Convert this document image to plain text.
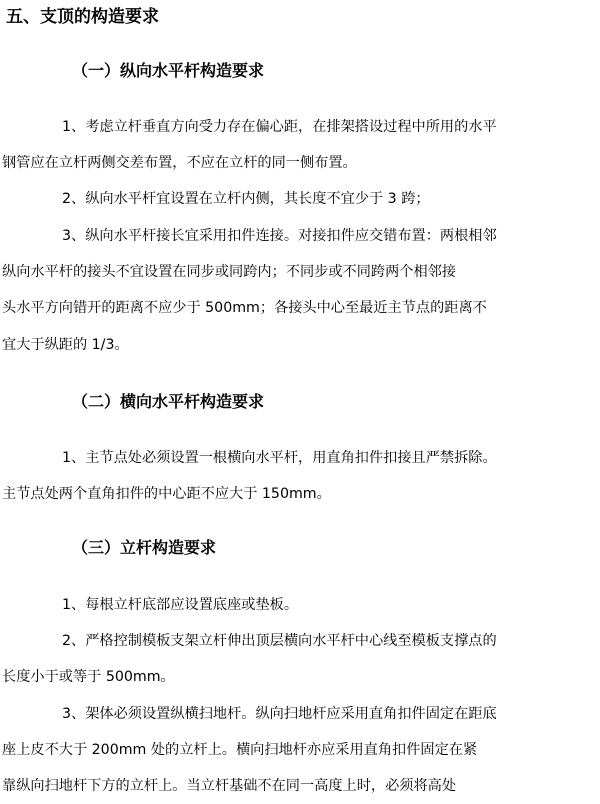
五、支顶的构造要求
（一）纵向水平杆构造要求
1、考虑立杆垂直方向受力存在偏心距，在排架搭设过程中所用的水平
钢管应在立杆两侧交差布置，不应在立杆的同一侧布置。
2、纵向水平杆宜设置在立杆内侧，其长度不宜少于 3 跨；
3、纵向水平杆接长宜采用扣件连接。对接扣件应交错布置：两根相邻
纵向水平杆的接头不宜设置在同步或同跨内；不同步或不同跨两个相邻接
头水平方向错开的距离不应少于 500mm；各接头中心至最近主节点的距离不
宜大于纵距的 1/3。
（二）横向水平杆构造要求
1、主节点处必须设置一根横向水平杆，用直角扣件扣接且严禁拆除。
主节点处两个直角扣件的中心距不应大于 150mm。
（三）立杆构造要求
1、每根立杆底部应设置底座或垫板。
2、严格控制模板支架立杆伸出顶层横向水平杆中心线至模板支撑点的
长度小于或等于 500mm。
3、架体必须设置纵横扫地杆。纵向扫地杆应采用直角扣件固定在距底
座上皮不大于 200mm 处的立杆上。横向扫地杆亦应采用直角扣件固定在紧
靠纵向扫地杆下方的立杆上。当立杆基础不在同一高度上时，必须将高处
